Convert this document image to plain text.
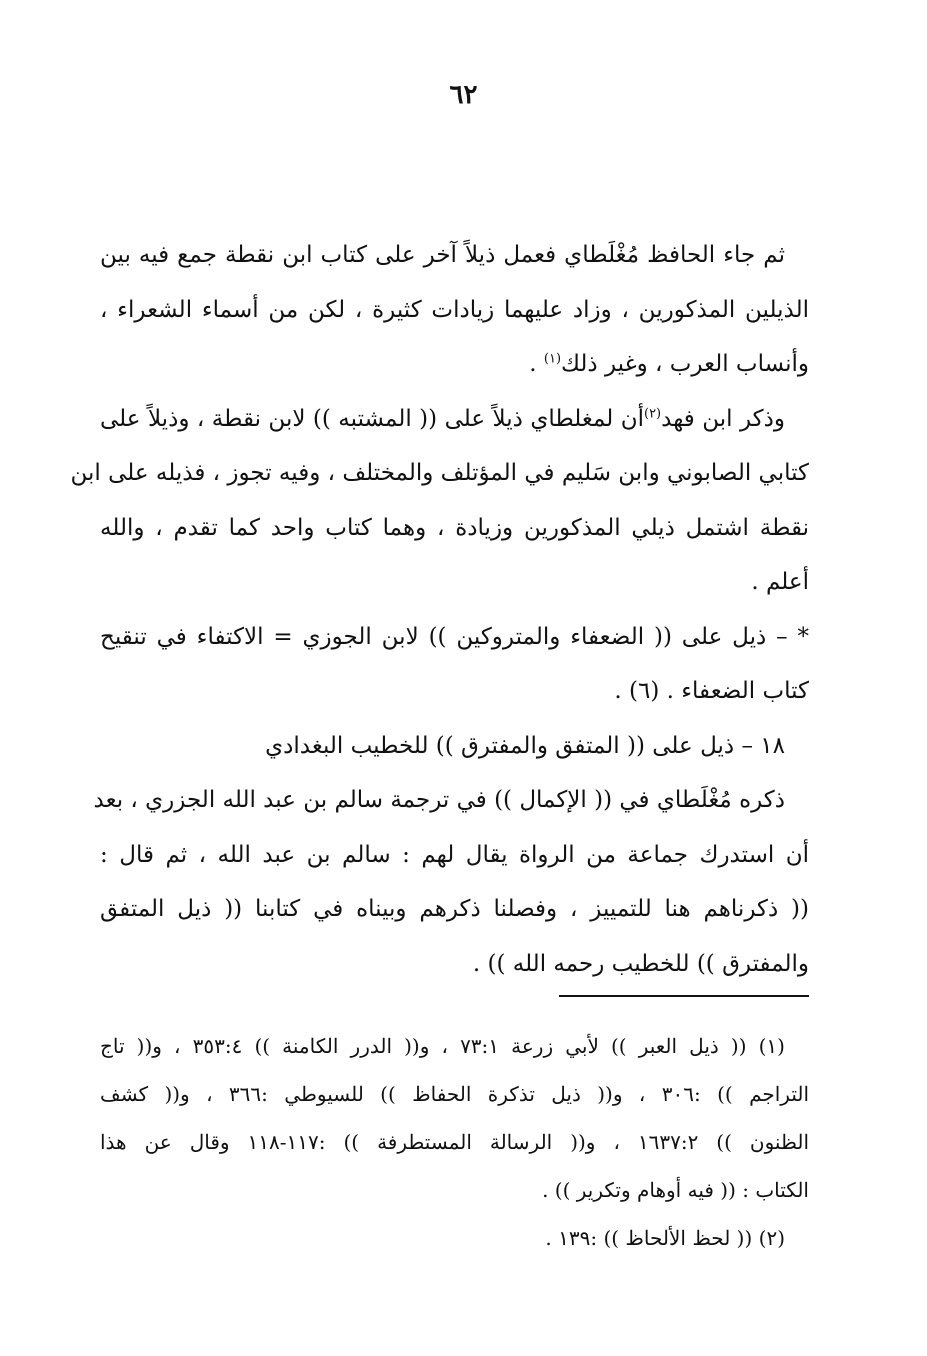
٦٢
ثم جاء الحافظ مُغْلَطاي فعمل ذيلاً آخر على كتاب ابن نقطة جمع فيه بين
الذيلين المذكورين ، وزاد عليهما زيادات كثيرة ، لكن من أسماء الشعراء ،
وأنساب العرب ، وغير ذلك$^{(١)}$ .
وذكر ابن فهد$^{(٢)}$أن لمغلطاي ذيلاً على (( المشتبه )) لابن نقطة ، وذيلاً على
كتابي الصابوني وابن سَليم في المؤتلف والمختلف ، وفيه تجوز ، فذيله على ابن
نقطة اشتمل ذيلي المذكورين وزيادة ، وهما كتاب واحد كما تقدم ، والله
أعلم .
* – ذيل على (( الضعفاء والمتروكين )) لابن الجوزي = الاكتفاء في تنقيح
كتاب الضعفاء . (٦) .
١٨ – ذيل على (( المتفق والمفترق )) للخطيب البغدادي
ذكره مُغْلَطاي في (( الإكمال )) في ترجمة سالم بن عبد الله الجزري ، بعد
أن استدرك جماعة من الرواة يقال لهم : سالم بن عبد الله ، ثم قال :
(( ذكرناهم هنا للتمييز ، وفصلنا ذكرهم وبيناه في كتابنا (( ذيل المتفق
والمفترق )) للخطيب رحمه الله )) .
(١) (( ذيل العبر )) لأبي زرعة ٧٣:١ ، و(( الدرر الكامنة )) ٣٥٣:٤ ، و(( تاج
التراجم )) :٣٠٦ ، و(( ذيل تذكرة الحفاظ )) للسيوطي :٣٦٦ ، و(( كشف
الظنون )) ١٦٣٧:٢ ، و(( الرسالة المستطرفة )) :١١٧-١١٨ وقال عن هذا
الكتاب : (( فيه أوهام وتكرير )) .
(٢) (( لحظ الألحاظ )) :١٣٩ .
